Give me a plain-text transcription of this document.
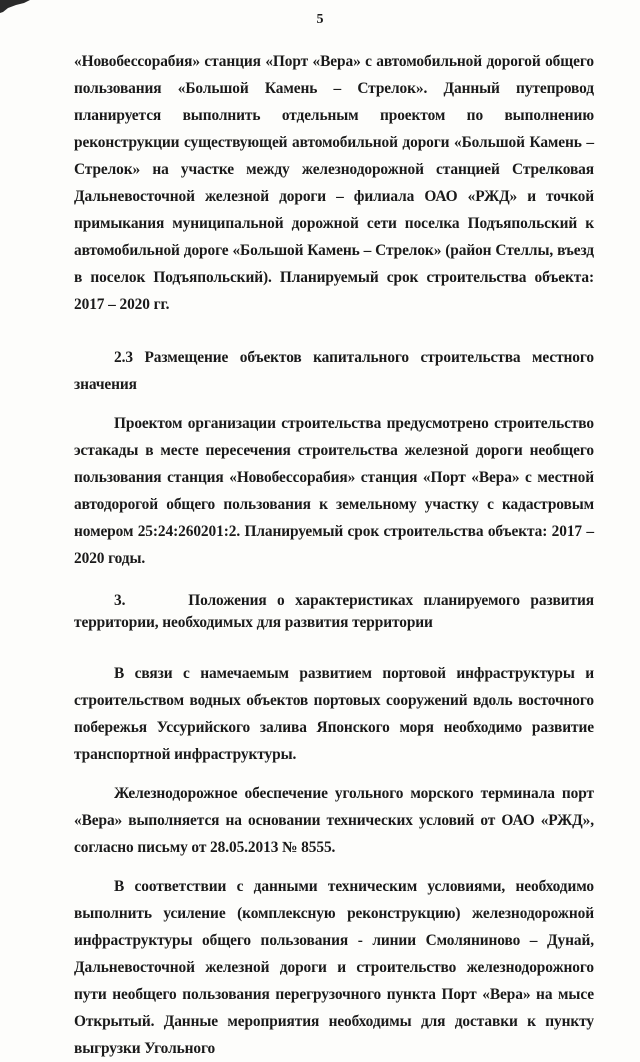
5

«Новобессорабия» станция «Порт «Вера» с автомобильной дорогой общего пользования «Большой Камень – Стрелок». Данный путепровод планируется выполнить отдельным проектом по выполнению реконструкции существующей автомобильной дороги «Большой Камень – Стрелок» на участке между железнодорожной станцией Стрелковая Дальневосточной железной дороги – филиала ОАО «РЖД» и точкой примыкания муниципальной дорожной сети поселка Подъяпольский к автомобильной дороге «Большой Камень – Стрелок» (район Стеллы, въезд в поселок Подъяпольский). Планируемый срок строительства объекта: 2017 – 2020 гг.

2.3 Размещение объектов капитального строительства местного значения

Проектом организации строительства предусмотрено строительство эстакады в месте пересечения строительства железной дороги необщего пользования станция «Новобессорабия» станция «Порт «Вера» с местной автодорогой общего пользования к земельному участку с кадастровым номером 25:24:260201:2. Планируемый срок строительства объекта: 2017 – 2020 годы.

3.	Положения о характеристиках планируемого развития территории, необходимых для развития территории

В связи с намечаемым развитием портовой инфраструктуры и строительством водных объектов портовых сооружений вдоль восточного побережья Уссурийского залива Японского моря необходимо развитие транспортной инфраструктуры.

Железнодорожное обеспечение угольного морского терминала порт «Вера» выполняется на основании технических условий от ОАО «РЖД», согласно письму от 28.05.2013 № 8555.

В соответствии с данными техническим условиями, необходимо выполнить усиление (комплексную реконструкцию) железнодорожной инфраструктуры общего пользования - линии Смоляниново – Дунай, Дальневосточной железной дороги и строительство железнодорожного пути необщего пользования перегрузочного пункта Порт «Вера» на мысе Открытый. Данные мероприятия необходимы для доставки к пункту выгрузки Угольного
